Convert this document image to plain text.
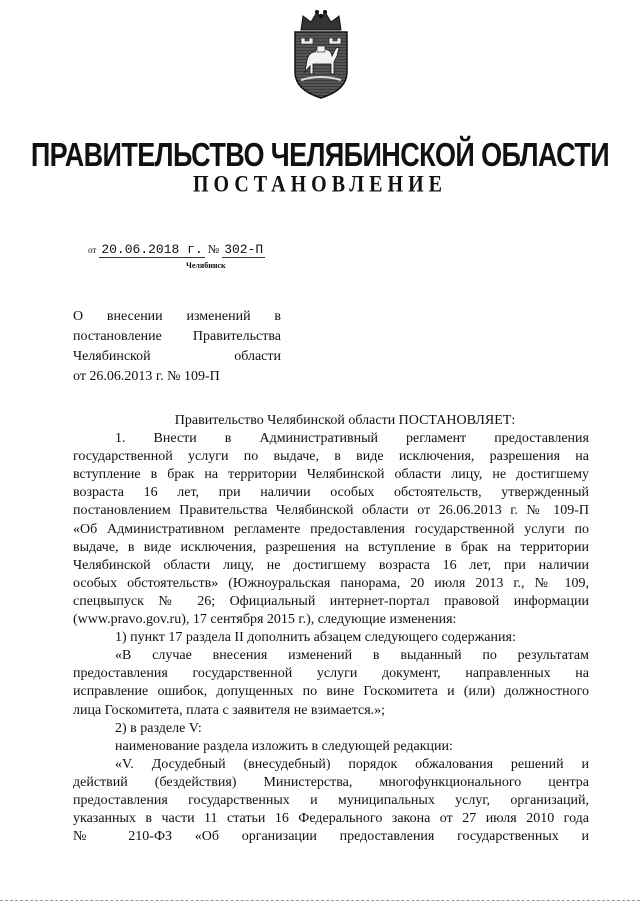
ПРАВИТЕЛЬСТВО ЧЕЛЯБИНСКОЙ ОБЛАСТИ
ПОСТАНОВЛЕНИЕ
от 20.06.2018 г. № 302-П
Челябинск
О внесении изменений в
постановление Правительства
Челябинской области
от 26.06.2013 г. № 109-П
Правительство Челябинской области ПОСТАНОВЛЯЕТ:
1. Внести в Административный регламент предоставления
государственной услуги по выдаче, в виде исключения, разрешения на
вступление в брак на территории Челябинской области лицу, не достигшему
возраста 16 лет, при наличии особых обстоятельств, утвержденный
постановлением Правительства Челябинской области от 26.06.2013 г. № 109-П
«Об Административном регламенте предоставления государственной услуги по
выдаче, в виде исключения, разрешения на вступление в брак на территории
Челябинской области лицу, не достигшему возраста 16 лет, при наличии
особых обстоятельств» (Южноуральская панорама, 20 июля 2013 г., № 109,
спецвыпуск № 26; Официальный интернет-портал правовой информации
(www.pravo.gov.ru), 17 сентября 2015 г.), следующие изменения:
1) пункт 17 раздела II дополнить абзацем следующего содержания:
«В случае внесения изменений в выданный по результатам
предоставления государственной услуги документ, направленных на
исправление ошибок, допущенных по вине Госкомитета и (или) должностного
лица Госкомитета, плата с заявителя не взимается.»;
2) в разделе V:
наименование раздела изложить в следующей редакции:
«V. Досудебный (внесудебный) порядок обжалования решений и
действий (бездействия) Министерства, многофункционального центра
предоставления государственных и муниципальных услуг, организаций,
указанных в части 11 статьи 16 Федерального закона от 27 июля 2010 года
№ 210-ФЗ «Об организации предоставления государственных и
